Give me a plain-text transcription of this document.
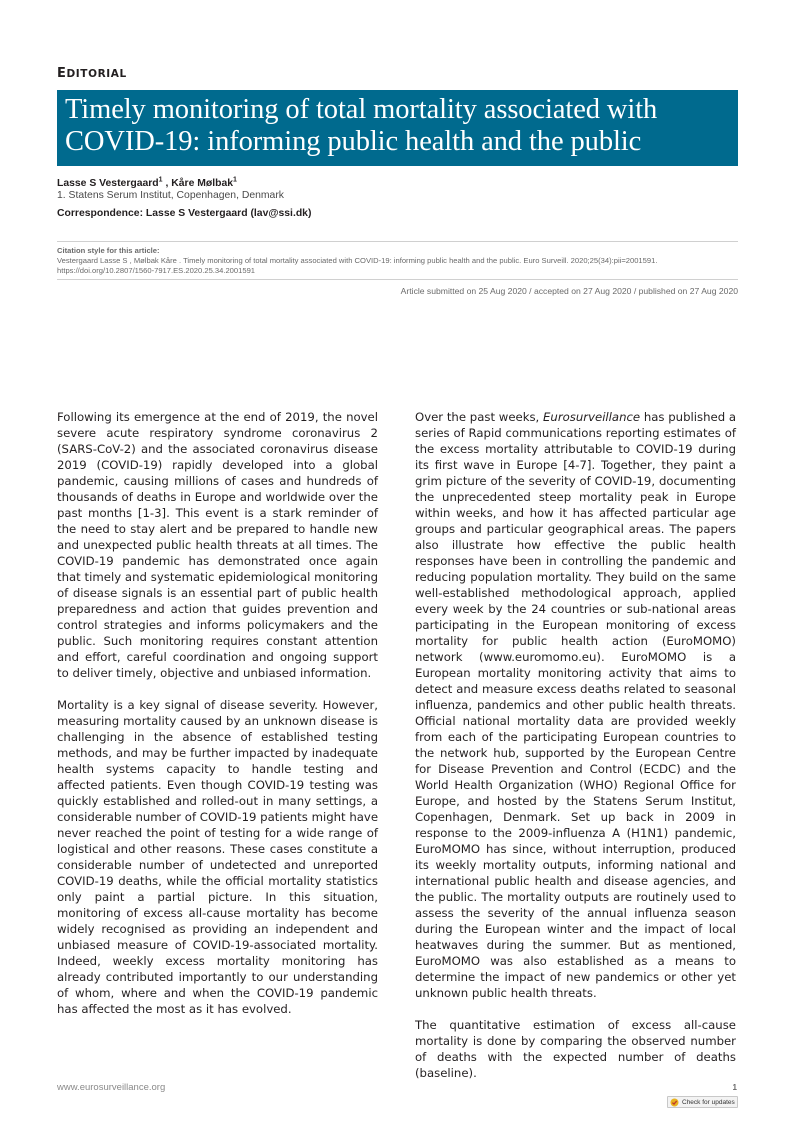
EDITORIAL
Timely monitoring of total mortality associated with COVID-19: informing public health and the public
Lasse S Vestergaard$^1$ , Kåre Mølbak$^1$
1. Statens Serum Institut, Copenhagen, Denmark
Correspondence: Lasse S Vestergaard (lav@ssi.dk)
Citation style for this article:
Vestergaard Lasse S , Mølbak Kåre . Timely monitoring of total mortality associated with COVID-19: informing public health and the public. Euro Surveill. 2020;25(34):pii=2001591. https://doi.org/10.2807/1560-7917.ES.2020.25.34.2001591
Article submitted on 25 Aug 2020 / accepted on 27 Aug 2020 / published on 27 Aug 2020

Following its emergence at the end of 2019, the novel severe acute respiratory syndrome coronavirus 2 (SARS-CoV-2) and the associated coronavirus disease 2019 (COVID-19) rapidly developed into a global pandemic, causing millions of cases and hundreds of thousands of deaths in Europe and worldwide over the past months [1-3]. This event is a stark reminder of the need to stay alert and be prepared to handle new and unexpected public health threats at all times. The COVID-19 pandemic has demonstrated once again that timely and systematic epidemiological monitoring of disease signals is an essential part of public health preparedness and action that guides prevention and control strategies and informs policymakers and the public. Such monitoring requires constant attention and effort, careful coordination and ongoing support to deliver timely, objective and unbiased information.

Mortality is a key signal of disease severity. However, measuring mortality caused by an unknown disease is challenging in the absence of established testing methods, and may be further impacted by inadequate health systems capacity to handle testing and affected patients. Even though COVID-19 testing was quickly established and rolled-out in many settings, a considerable number of COVID-19 patients might have never reached the point of testing for a wide range of logistical and other reasons. These cases constitute a considerable number of undetected and unreported COVID-19 deaths, while the official mortality statistics only paint a partial picture. In this situation, monitoring of excess all-cause mortality has become widely recognised as providing an independent and unbiased measure of COVID-19-associated mortality. Indeed, weekly excess mortality monitoring has already contributed importantly to our understanding of whom, where and when the COVID-19 pandemic has affected the most as it has evolved.

Over the past weeks, Eurosurveillance has published a series of Rapid communications reporting estimates of the excess mortality attributable to COVID-19 during its first wave in Europe [4-7]. Together, they paint a grim picture of the severity of COVID-19, documenting the unprecedented steep mortality peak in Europe within weeks, and how it has affected particular age groups and particular geographical areas. The papers also illustrate how effective the public health responses have been in controlling the pandemic and reducing population mortality. They build on the same well-established methodological approach, applied every week by the 24 countries or sub-national areas participating in the European monitoring of excess mortality for public health action (EuroMOMO) network (www.euromomo.eu). EuroMOMO is a European mortality monitoring activity that aims to detect and measure excess deaths related to seasonal influenza, pandemics and other public health threats. Official national mortality data are provided weekly from each of the participating European countries to the network hub, supported by the European Centre for Disease Prevention and Control (ECDC) and the World Health Organization (WHO) Regional Office for Europe, and hosted by the Statens Serum Institut, Copenhagen, Denmark. Set up back in 2009 in response to the 2009-influenza A (H1N1) pandemic, EuroMOMO has since, without interruption, produced its weekly mortality outputs, informing national and international public health and disease agencies, and the public. The mortality outputs are routinely used to assess the severity of the annual influenza season during the European winter and the impact of local heatwaves during the summer. But as mentioned, EuroMOMO was also established as a means to determine the impact of new pandemics or other yet unknown public health threats.

The quantitative estimation of excess all-cause mortality is done by comparing the observed number of deaths with the expected number of deaths (baseline).

www.eurosurveillance.org	1
Check for updates
